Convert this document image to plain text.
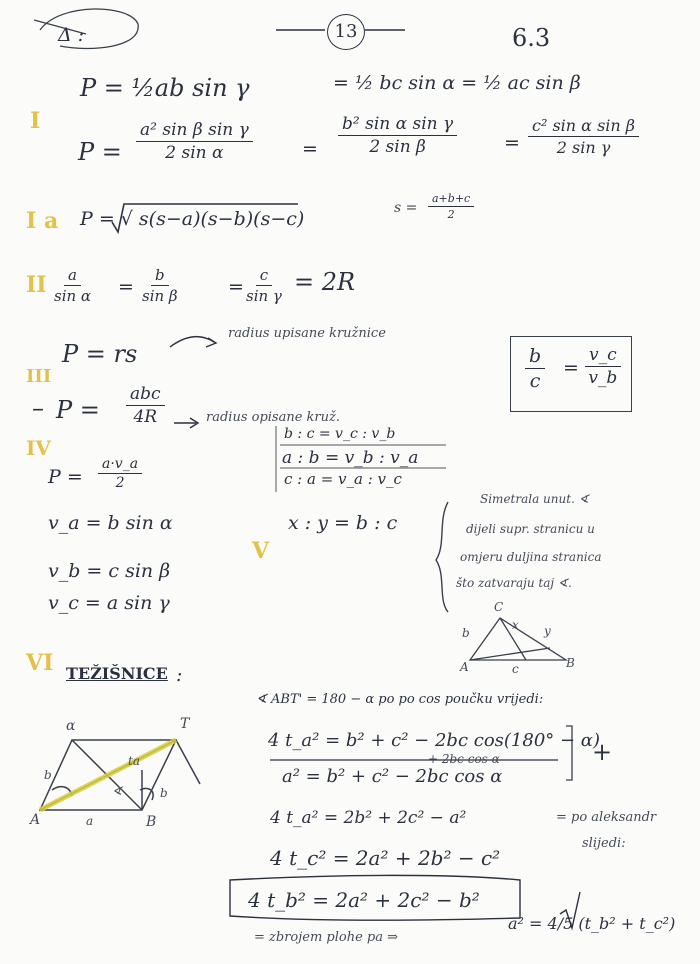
Δ :	13	6.3
P = ½ab sin γ	= ½ bc sin α = ½ ac sin β
I
$P = \frac{\text{a² sin β sin γ}}{\text{2 sin α}}$	= $\frac{\text{b² sin α sin γ}}{\text{2 sin β}} = \frac{\text{c² sin α sin β}}{\text{2 sin γ}}$
I a P = √ s(s−a)(s−b)(s−c)	$s = \frac{a+b+c}{2}$
II $\frac{a}{\text{sin α}} = \frac{b}{\text{sin β}}$	= $\frac{c}{\text{sin γ}} = 2R$
III
P = rs
radius upisane kružnice
– P =
abc
4R	radius opisane kruž.
$\frac{b}{c} = \frac{v\_c}{v\_b}$
b : c = v_c : v_b
a : b = v_b : v_a
c : a = v_a : v_c
IV
$P = \frac{a\cdot v\_a}{2}$
v_a = b sin α
v_b = c sin β
v_c = a sin γ
V
x : y = b : c
Simetrala unut. ∢
dijeli supr. stranicu u
omjeru duljina stranica
što zatvaraju taj ∢.
C
A	B
b
x y
c
VI TEŽIŠNICE :
α	T
A	B
b
ta
a
b
∢
∢ ABT' = 180 − α po po cos poučku vrijedi:
4 t_a² = b² + c² − 2bc cos(180° − α)
+ 2bc cos α
a² = b² + c² − 2bc cos α
+
4 t_a² = 2b² + 2c² − a²	= po aleksandr
slijedi:
4 t_c² = 2a² + 2b² − c²
4 t_b² = 2a² + 2c² − b²
= zbrojem plohe pa ⇒
a² = 4/5 (t_b² + t_c²)
